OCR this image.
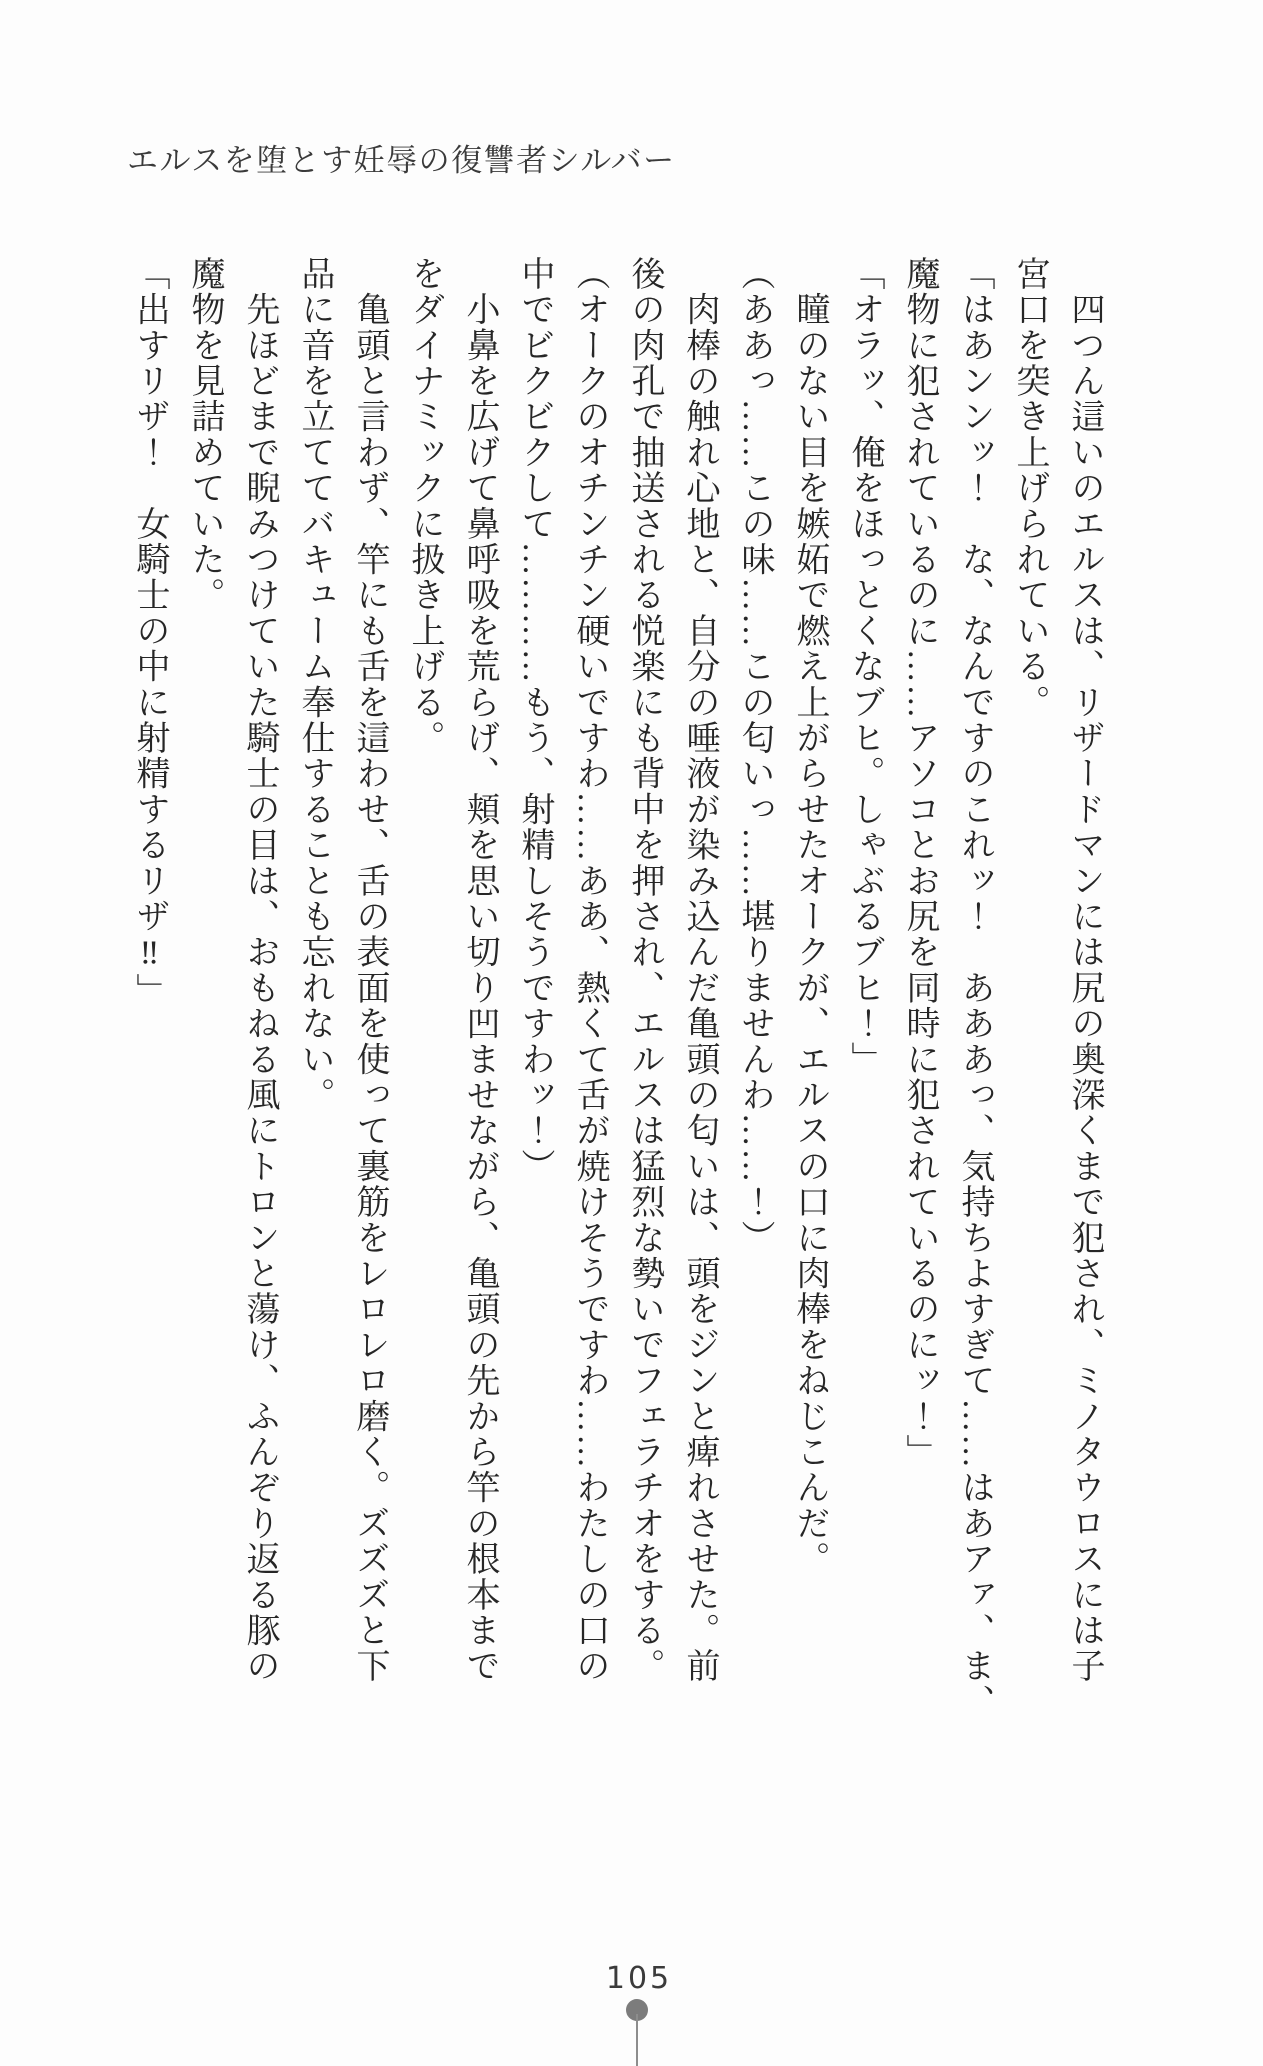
エルスを堕とす妊辱の復讐者シルバー

　四つん這いのエルスは、リザードマンには尻の奥深くまで犯され、ミノタウロスには子

宮口を突き上げられている。

「はあンンッ！　な、なんですのこれッ！　あああっ、気持ちよすぎて……はあアァ、ま、

魔物に犯されているのに……アソコとお尻を同時に犯されているのにッ！」

「オラッ、俺をほっとくなブヒ。しゃぶるブヒ！」

　瞳のない目を嫉妬で燃え上がらせたオークが、エルスの口に肉棒をねじこんだ。

（ああっ……この味……この匂いっ……堪りませんわ……！）

　肉棒の触れ心地と、自分の唾液が染み込んだ亀頭の匂いは、頭をジンと痺れさせた。前

後の肉孔で抽送される悦楽にも背中を押され、エルスは猛烈な勢いでフェラチオをする。

（オークのオチンチン硬いですわ……ああ、熱くて舌が焼けそうですわ……わたしの口の

中でビクビクして…………もう、射精しそうですわッ！）

　小鼻を広げて鼻呼吸を荒らげ、頬を思い切り凹ませながら、亀頭の先から竿の根本まで

をダイナミックに扱き上げる。

　亀頭と言わず、竿にも舌を這わせ、舌の表面を使って裏筋をレロレロ磨く。ズズズと下

品に音を立ててバキューム奉仕することも忘れない。

　先ほどまで睨みつけていた騎士の目は、おもねる風にトロンと蕩け、ふんぞり返る豚の

魔物を見詰めていた。

「出すリザ！　女騎士の中に射精するリザ‼」

105
